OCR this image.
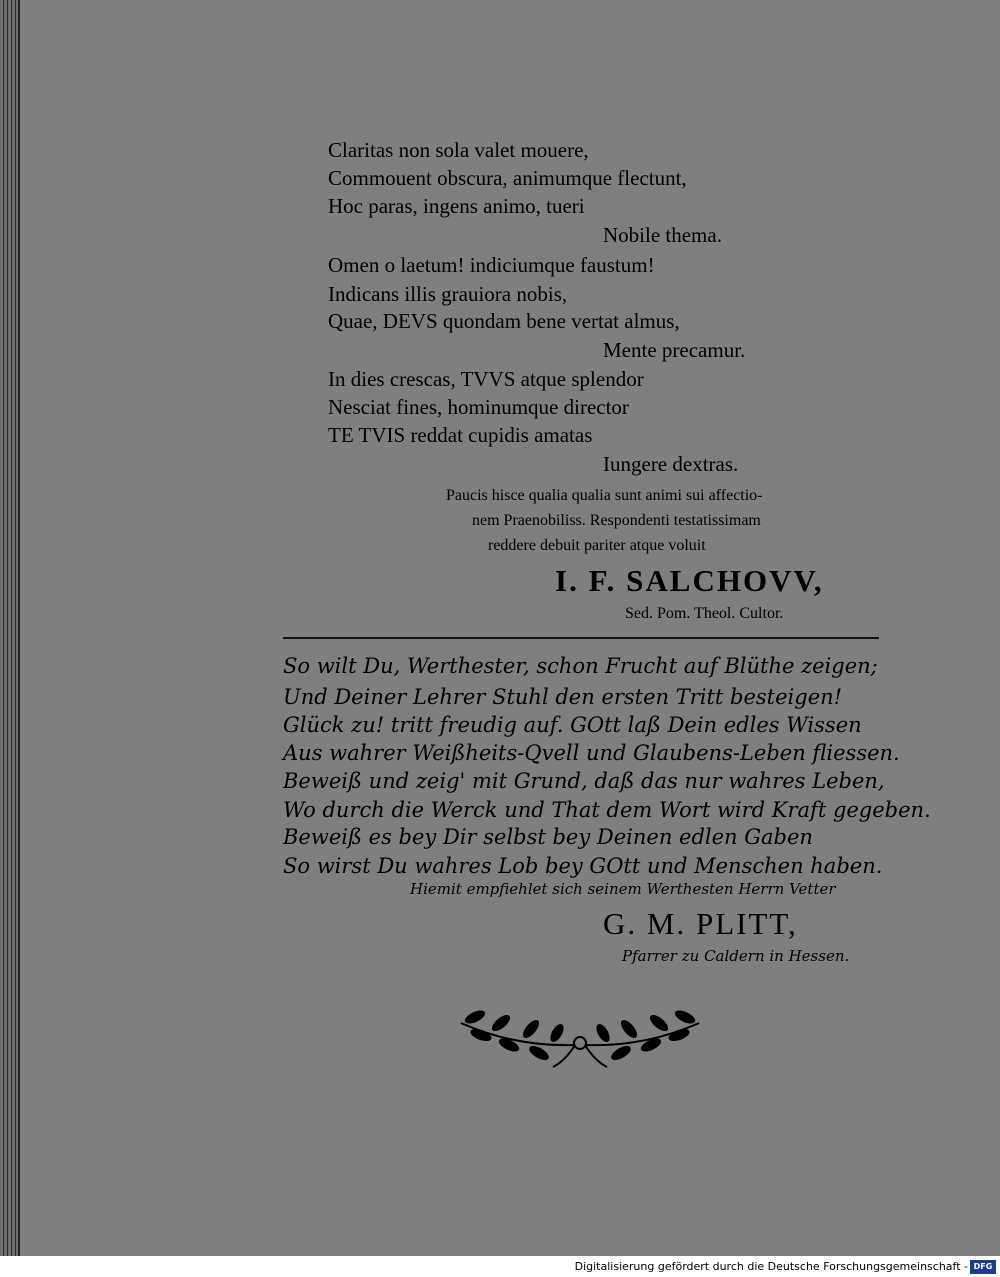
Claritas non sola valet mouere,
Commouent obscura, animumque flectunt,
Hoc paras, ingens animo, tueri
Nobile thema.
Omen o laetum! indiciumque faustum!
Indicans illis grauiora nobis,
Quae, DEVS quondam bene vertat almus,
Mente precamur.
In dies crescas, TVVS atque splendor
Nesciat fines, hominumque director
TE TVIS reddat cupidis amatas
Iungere dextras.
Paucis hisce qualia qualia sunt animi sui affectio-
nem Praenobiliss. Respondenti testatissimam
reddere debuit pariter atque voluit
I. F. SALCHOVV,
Sed. Pom. Theol. Cultor.
So wilt Du, Werthester, schon Frucht auf Blüthe zeigen;
Und Deiner Lehrer Stuhl den ersten Tritt besteigen!
Glück zu! tritt freudig auf. GOtt laß Dein edles Wissen
Aus wahrer Weißheits-Qvell und Glaubens-Leben fliessen.
Beweiß und zeig' mit Grund, daß das nur wahres Leben,
Wo durch die Werck und That dem Wort wird Kraft gegeben.
Beweiß es bey Dir selbst bey Deinen edlen Gaben
So wirst Du wahres Lob bey GOtt und Menschen haben.
Hiemit empfiehlet sich seinem Werthesten Herrn Vetter
G. M. PLITT,
Pfarrer zu Caldern in Hessen.
Digitalisierung gefördert durch die Deutsche Forschungsgemeinschaft - DFG
